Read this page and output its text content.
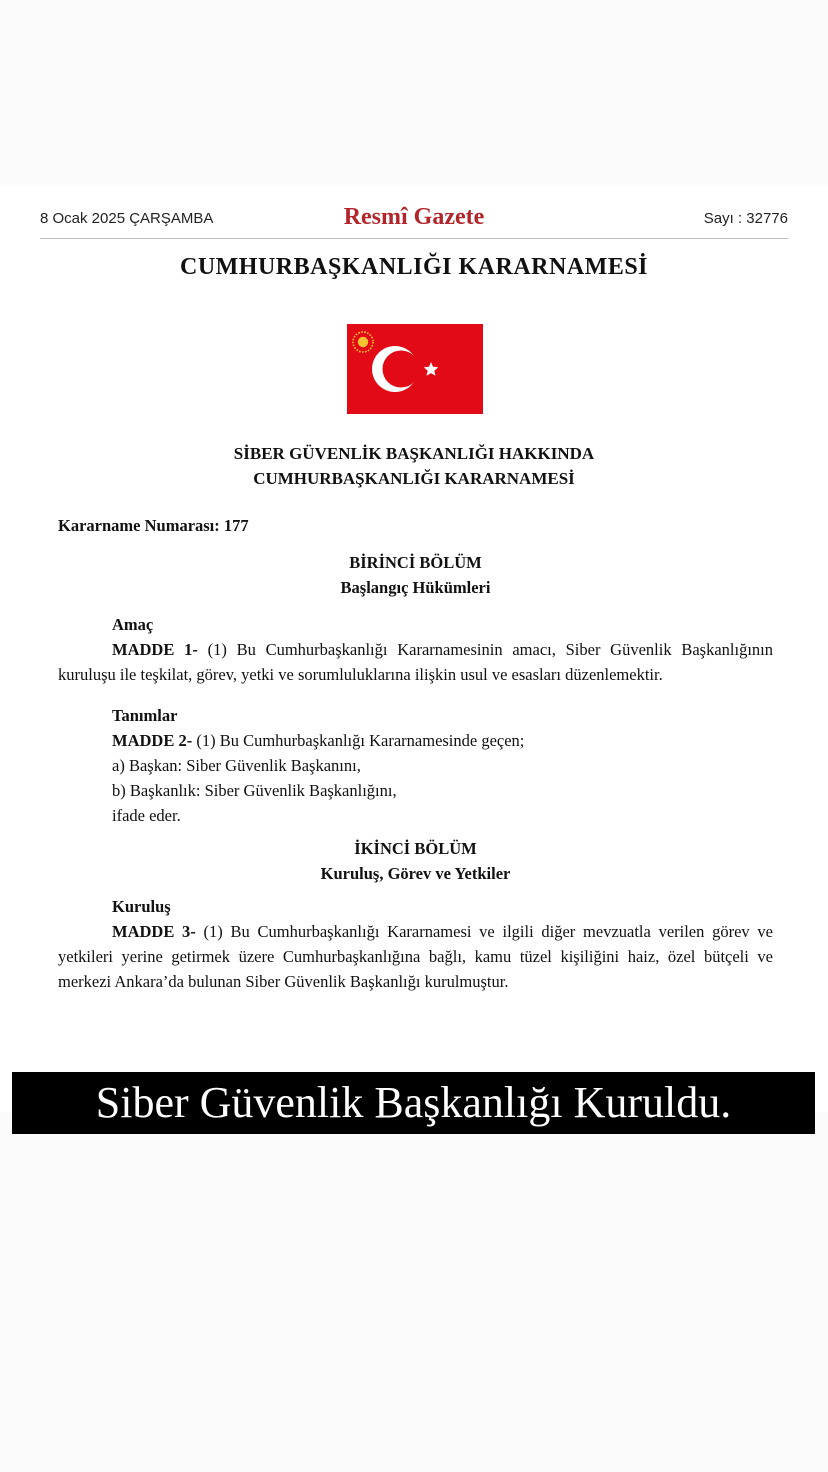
8 Ocak 2025 ÇARŞAMBA	Resmî Gazete	Sayı : 32776
CUMHURBAŞKANLIĞI KARARNAMESİ
SİBER GÜVENLİK BAŞKANLIĞI HAKKINDA
CUMHURBAŞKANLIĞI KARARNAMESİ

Kararname Numarası: 177

BİRİNCİ BÖLÜM

Başlangıç Hükümleri

Amaç

MADDE 1- (1) Bu Cumhurbaşkanlığı Kararnamesinin amacı, Siber Güvenlik Başkanlığının kuruluşu ile teşkilat, görev, yetki ve sorumluluklarına ilişkin usul ve esasları düzenlemektir.

Tanımlar

MADDE 2- (1) Bu Cumhurbaşkanlığı Kararnamesinde geçen;

a) Başkan: Siber Güvenlik Başkanını,

b) Başkanlık: Siber Güvenlik Başkanlığını,

ifade eder.

İKİNCİ BÖLÜM

Kuruluş, Görev ve Yetkiler

Kuruluş

MADDE 3- (1) Bu Cumhurbaşkanlığı Kararnamesi ve ilgili diğer mevzuatla verilen görev ve yetkileri yerine getirmek üzere Cumhurbaşkanlığına bağlı, kamu tüzel kişiliğini haiz, özel bütçeli ve merkezi Ankara’da bulunan Siber Güvenlik Başkanlığı kurulmuştur.

Siber Güvenlik Başkanlığı Kuruldu.
